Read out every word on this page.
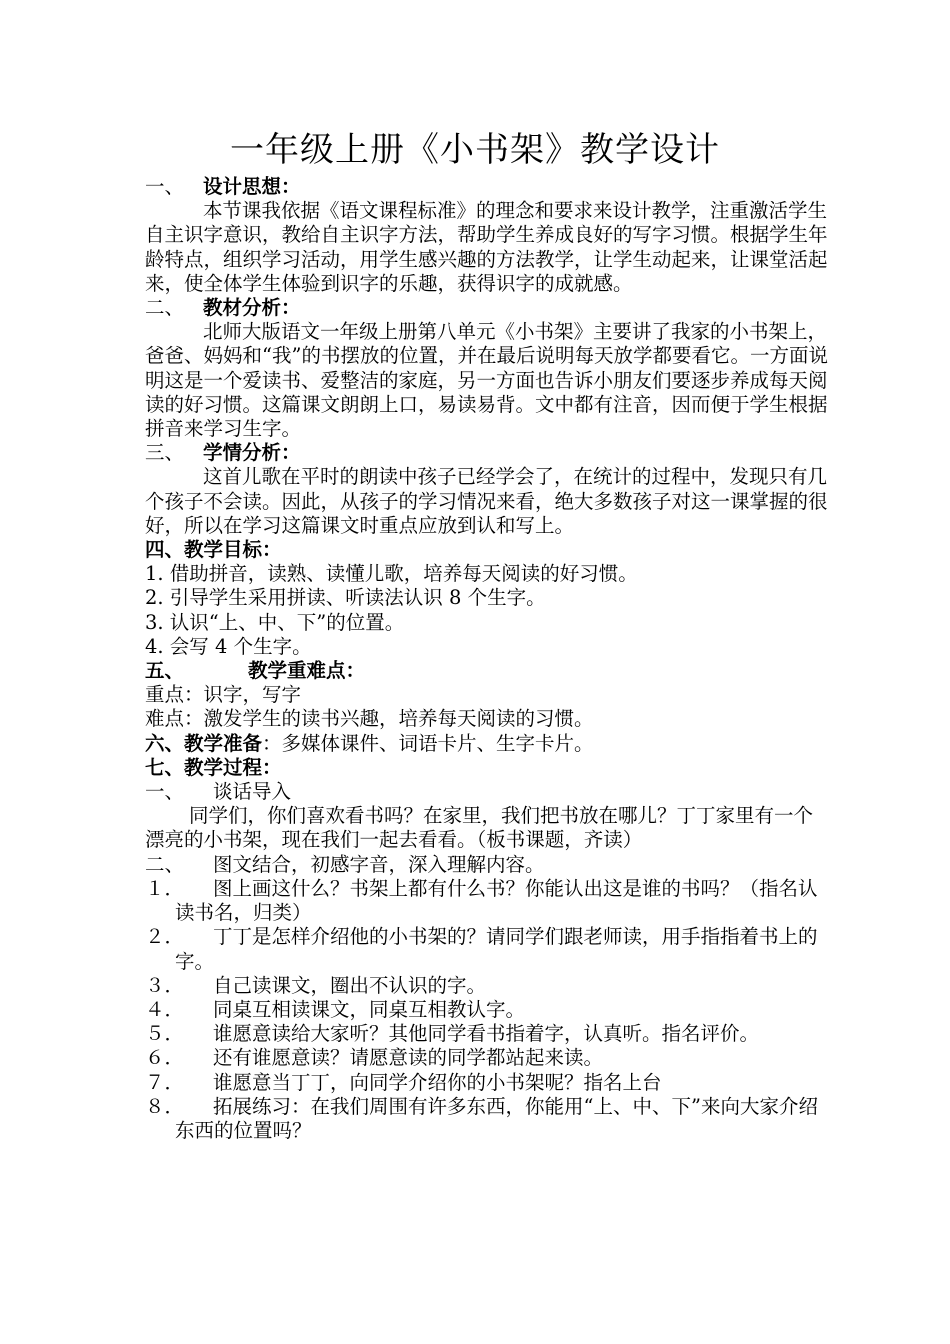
一年级上册《小书架》教学设计

一、 设计思想：

本节课我依据《语文课程标准》的理念和要求来设计教学，注重激活学生自主识字意识，教给自主识字方法，帮助学生养成良好的写字习惯。根据学生年龄特点，组织学习活动，用学生感兴趣的方法教学，让学生动起来，让课堂活起来，使全体学生体验到识字的乐趣，获得识字的成就感。

二、 教材分析：

北师大版语文一年级上册第八单元《小书架》主要讲了我家的小书架上，爸爸、妈妈和“我”的书摆放的位置，并在最后说明每天放学都要看它。一方面说明这是一个爱读书、爱整洁的家庭，另一方面也告诉小朋友们要逐步养成每天阅读的好习惯。这篇课文朗朗上口，易读易背。文中都有注音，因而便于学生根据拼音来学习生字。

三、 学情分析：

这首儿歌在平时的朗读中孩子已经学会了，在统计的过程中，发现只有几个孩子不会读。因此，从孩子的学习情况来看，绝大多数孩子对这一课掌握的很好，所以在学习这篇课文时重点应放到认和写上。

四、教学目标：

1. 借助拼音，读熟、读懂儿歌，培养每天阅读的好习惯。

2. 引导学生采用拼读、听读法认识 8 个生字。

3. 认识“上、中、下”的位置。

4. 会写 4 个生字。

五、	教学重难点：

重点：识字，写字

难点：激发学生的读书兴趣，培养每天阅读的习惯。

六、教学准备：多媒体课件、词语卡片、生字卡片。

七、教学过程：

一、 谈话导入

同学们，你们喜欢看书吗？在家里，我们把书放在哪儿？丁丁家里有一个漂亮的小书架，现在我们一起去看看。（板书课题，齐读）

二、 图文结合，初感字音，深入理解内容。

１． 图上画这什么？书架上都有什么书？你能认出这是谁的书吗？（指名认读书名，归类）

２． 丁丁是怎样介绍他的小书架的？请同学们跟老师读，用手指指着书上的字。

３． 自己读课文，圈出不认识的字。

４． 同桌互相读课文，同桌互相教认字。

５． 谁愿意读给大家听？其他同学看书指着字，认真听。指名评价。

６． 还有谁愿意读？请愿意读的同学都站起来读。

７． 谁愿意当丁丁，向同学介绍你的小书架呢？指名上台

８． 拓展练习：在我们周围有许多东西，你能用“上、中、下”来向大家介绍东西的位置吗？
